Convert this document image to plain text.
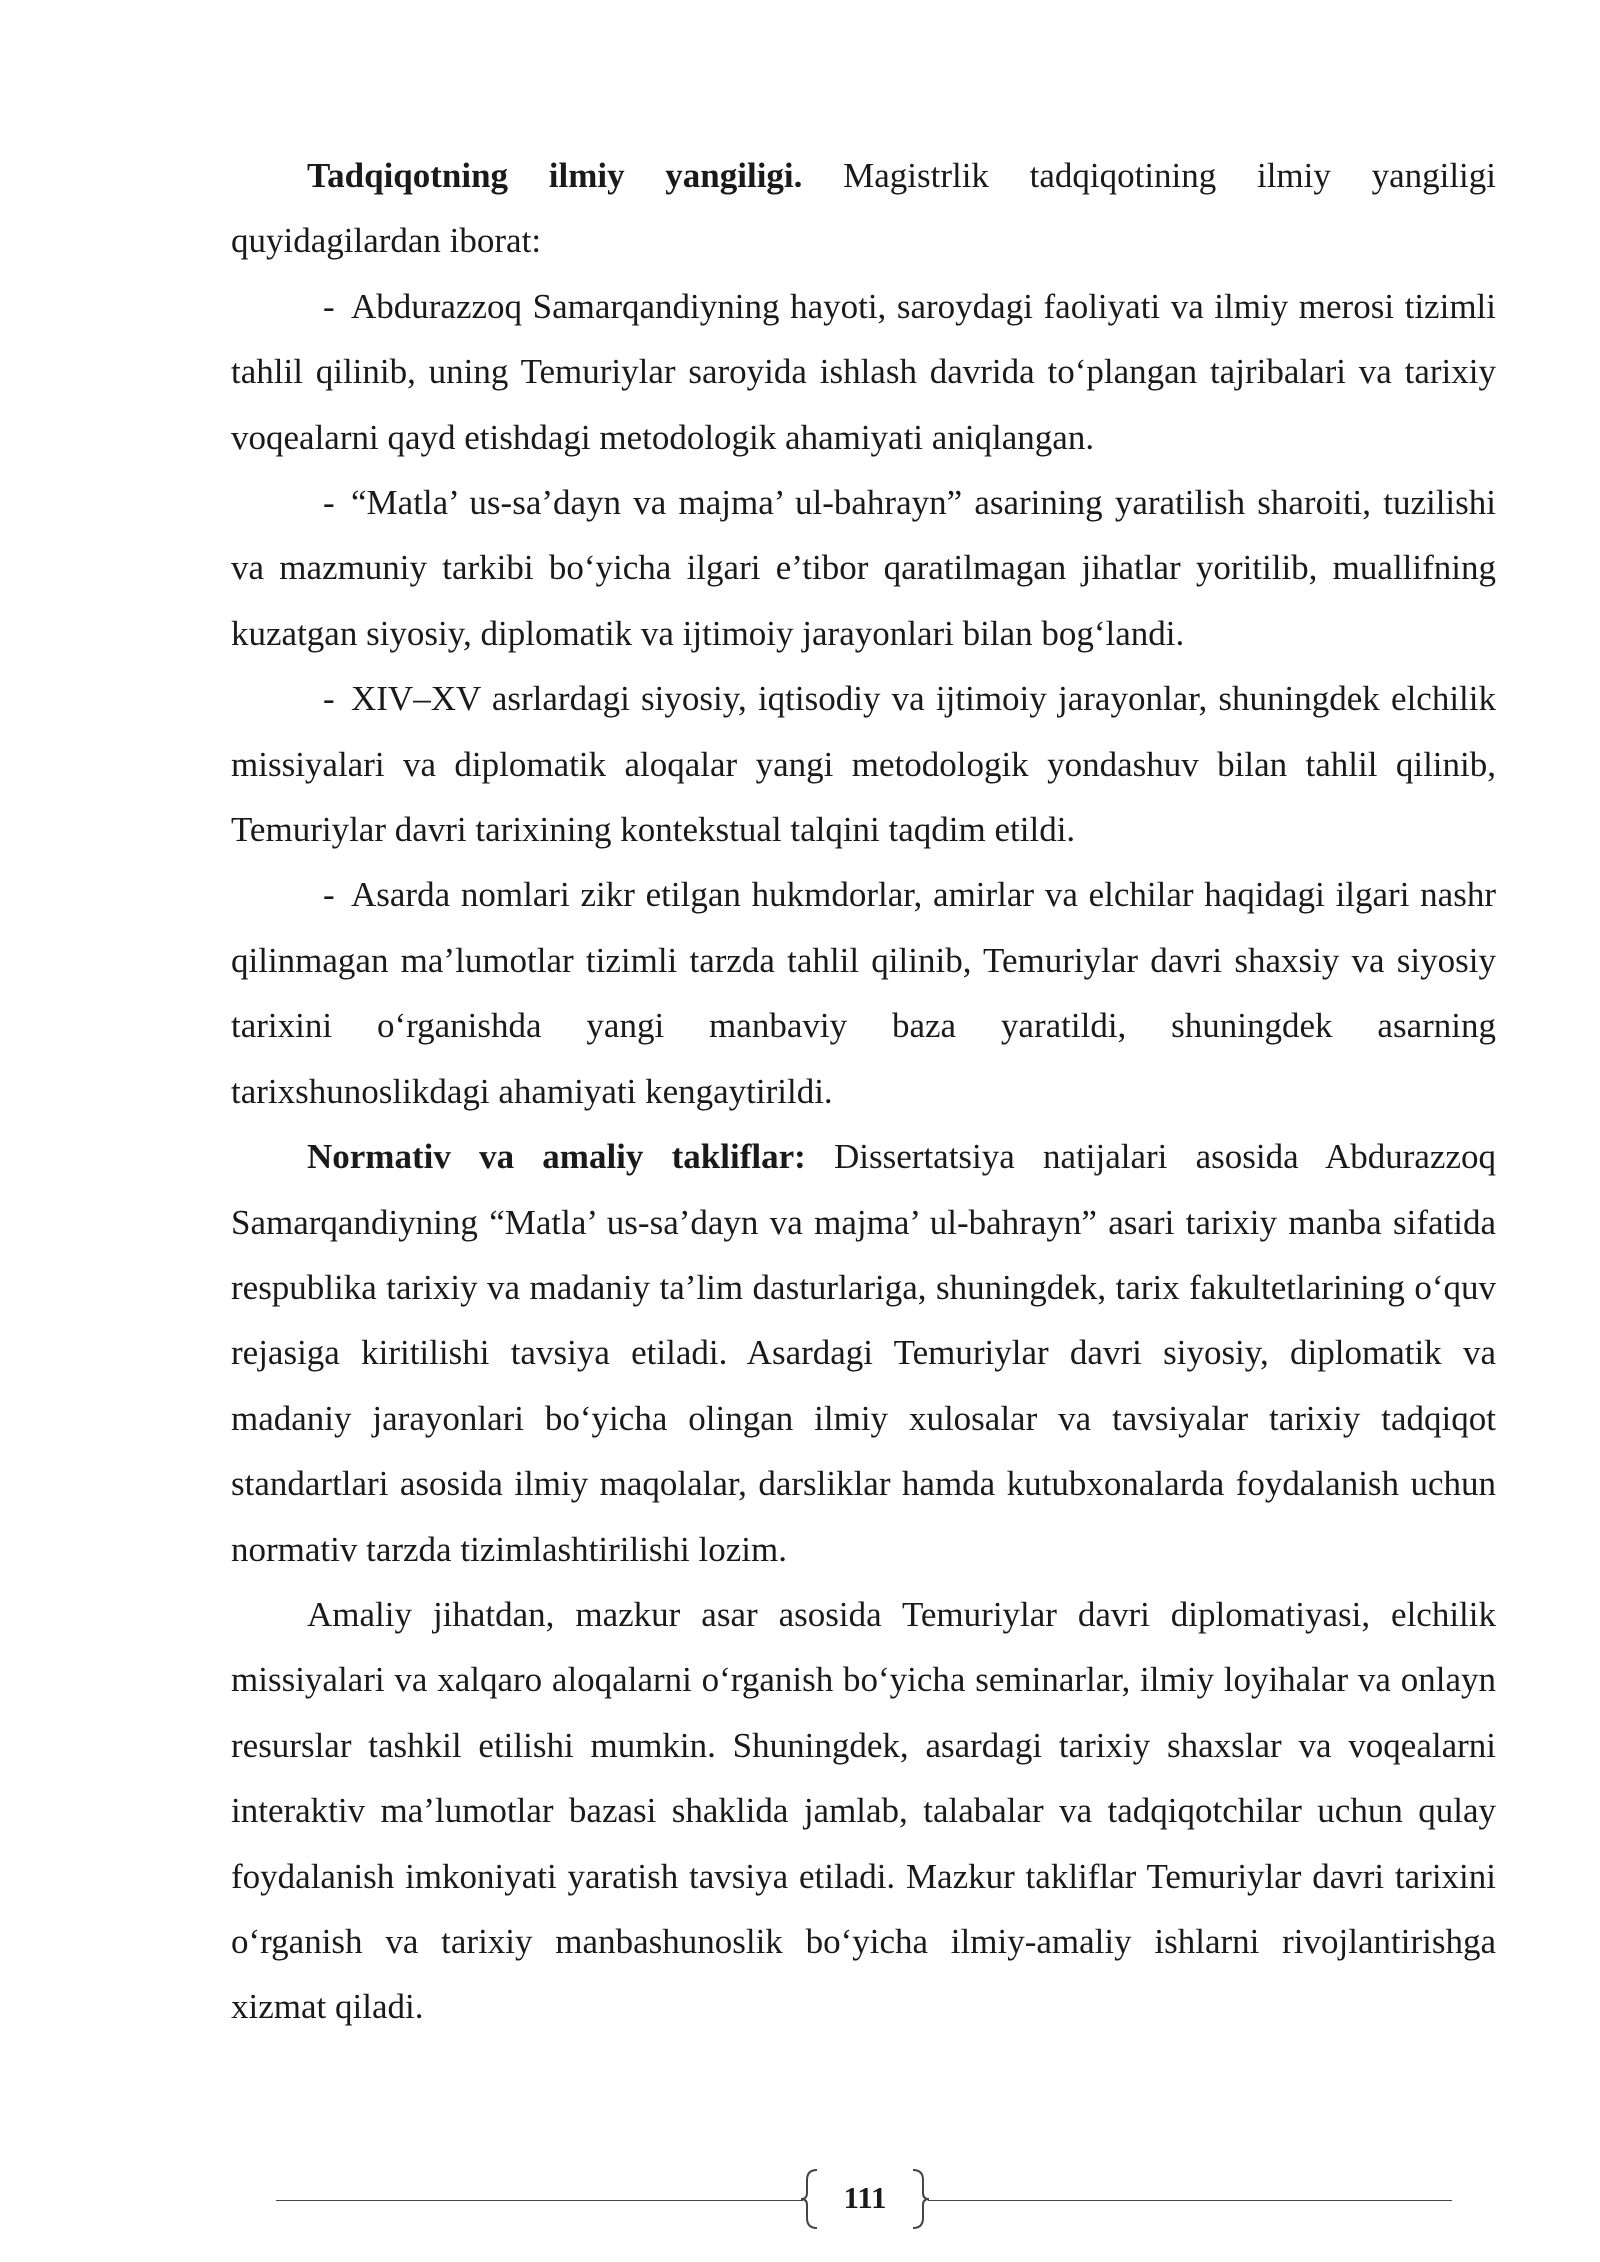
Tadqiqotning ilmiy yangiligi. Magistrlik tadqiqotining ilmiy yangiligi quyidagilardan iborat:

- Abdurazzoq Samarqandiyning hayoti, saroydagi faoliyati va ilmiy merosi tizimli tahlil qilinib, uning Temuriylar saroyida ishlash davrida to‘plangan tajribalari va tarixiy voqealarni qayd etishdagi metodologik ahamiyati aniqlangan.

- “Matla’ us-sa’dayn va majma’ ul-bahrayn” asarining yaratilish sharoiti, tuzilishi va mazmuniy tarkibi bo‘yicha ilgari e’tibor qaratilmagan jihatlar yoritilib, muallifning kuzatgan siyosiy, diplomatik va ijtimoiy jarayonlari bilan bog‘landi.

- XIV–XV asrlardagi siyosiy, iqtisodiy va ijtimoiy jarayonlar, shuningdek elchilik missiyalari va diplomatik aloqalar yangi metodologik yondashuv bilan tahlil qilinib, Temuriylar davri tarixining kontekstual talqini taqdim etildi.

- Asarda nomlari zikr etilgan hukmdorlar, amirlar va elchilar haqidagi ilgari nashr qilinmagan ma’lumotlar tizimli tarzda tahlil qilinib, Temuriylar davri shaxsiy va siyosiy tarixini o‘rganishda yangi manbaviy baza yaratildi, shuningdek asarning tarixshunoslikdagi ahamiyati kengaytirildi.

Normativ va amaliy takliflar: Dissertatsiya natijalari asosida Abdurazzoq Samarqandiyning “Matla’ us-sa’dayn va majma’ ul-bahrayn” asari tarixiy manba sifatida respublika tarixiy va madaniy ta’lim dasturlariga, shuningdek, tarix fakultetlarining o‘quv rejasiga kiritilishi tavsiya etiladi. Asardagi Temuriylar davri siyosiy, diplomatik va madaniy jarayonlari bo‘yicha olingan ilmiy xulosalar va tavsiyalar tarixiy tadqiqot standartlari asosida ilmiy maqolalar, darsliklar hamda kutubxonalarda foydalanish uchun normativ tarzda tizimlashtirilishi lozim.

Amaliy jihatdan, mazkur asar asosida Temuriylar davri diplomatiyasi, elchilik missiyalari va xalqaro aloqalarni o‘rganish bo‘yicha seminarlar, ilmiy loyihalar va onlayn resurslar tashkil etilishi mumkin. Shuningdek, asardagi tarixiy shaxslar va voqealarni interaktiv ma’lumotlar bazasi shaklida jamlab, talabalar va tadqiqotchilar uchun qulay foydalanish imkoniyati yaratish tavsiya etiladi. Mazkur takliflar Temuriylar davri tarixini o‘rganish va tarixiy manbashunoslik bo‘yicha ilmiy-amaliy ishlarni rivojlantirishga xizmat qiladi.

111
